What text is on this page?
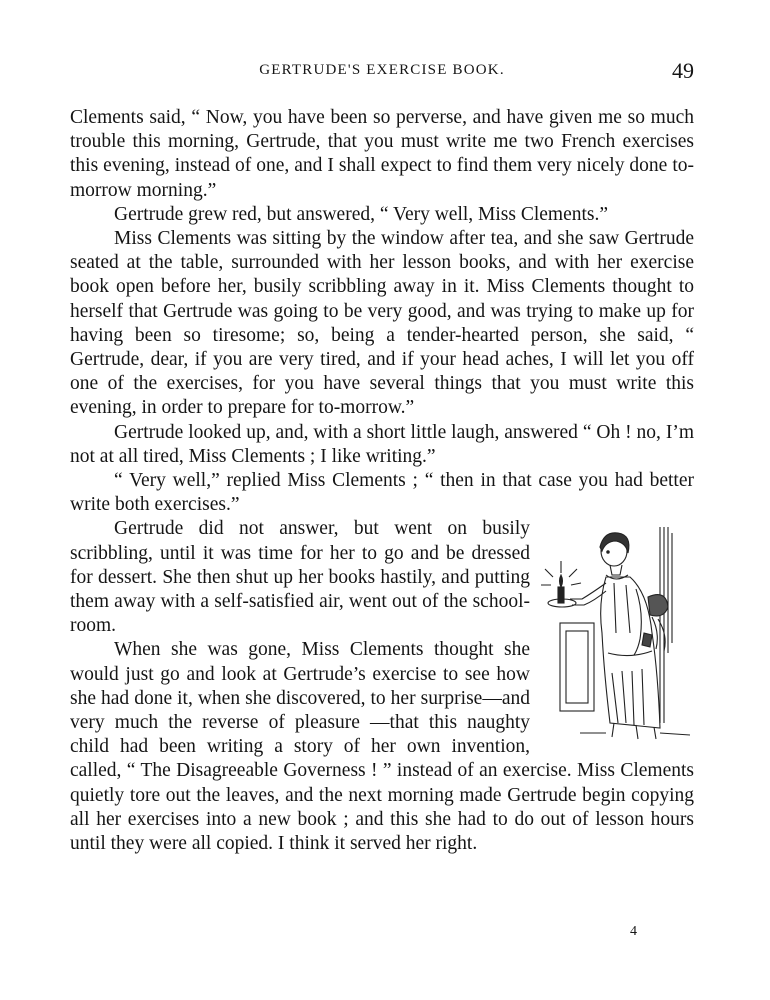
GERTRUDE'S EXERCISE BOOK.	49

Clements said, “ Now, you have been so perverse, and have given me so much trouble this morning, Gertrude, that you must write me two French exercises this evening, instead of one, and I shall expect to find them very nicely done to-morrow morning.”

Gertrude grew red, but answered, “ Very well, Miss Clements.”

Miss Clements was sitting by the window after tea, and she saw Gertrude seated at the table, surrounded with her lesson books, and with her exercise book open before her, busily scribbling away in it. Miss Clements thought to herself that Gertrude was going to be very good, and was trying to make up for having been so tiresome; so, being a tender-hearted person, she said, “ Gertrude, dear, if you are very tired, and if your head aches, I will let you off one of the exercises, for you have several things that you must write this evening, in order to prepare for to-morrow.”

Gertrude looked up, and, with a short little laugh, answered “ Oh ! no, I’m not at all tired, Miss Clements ; I like writing.”

“ Very well,” replied Miss Clements ; “ then in that case you had better write both exercises.”

Gertrude did not answer, but went on busily scribbling, until it was time for her to go and be dressed for dessert. She then shut up her books hastily, and putting them away with a self-satisfied air, went out of the school-room.

When she was gone, Miss Clements thought she would just go and look at Gertrude’s exercise to see how she had done it, when she discovered, to her surprise—and very much the reverse of pleasure —that this naughty child had been writing a story of her own invention, called, “ The Disagreeable Governess ! ” instead of an exercise. Miss Clements quietly tore out the leaves, and the next morning made Gertrude begin copying all her exercises into a new book ; and this she had to do out of lesson hours until they were all copied. I think it served her right.

4
